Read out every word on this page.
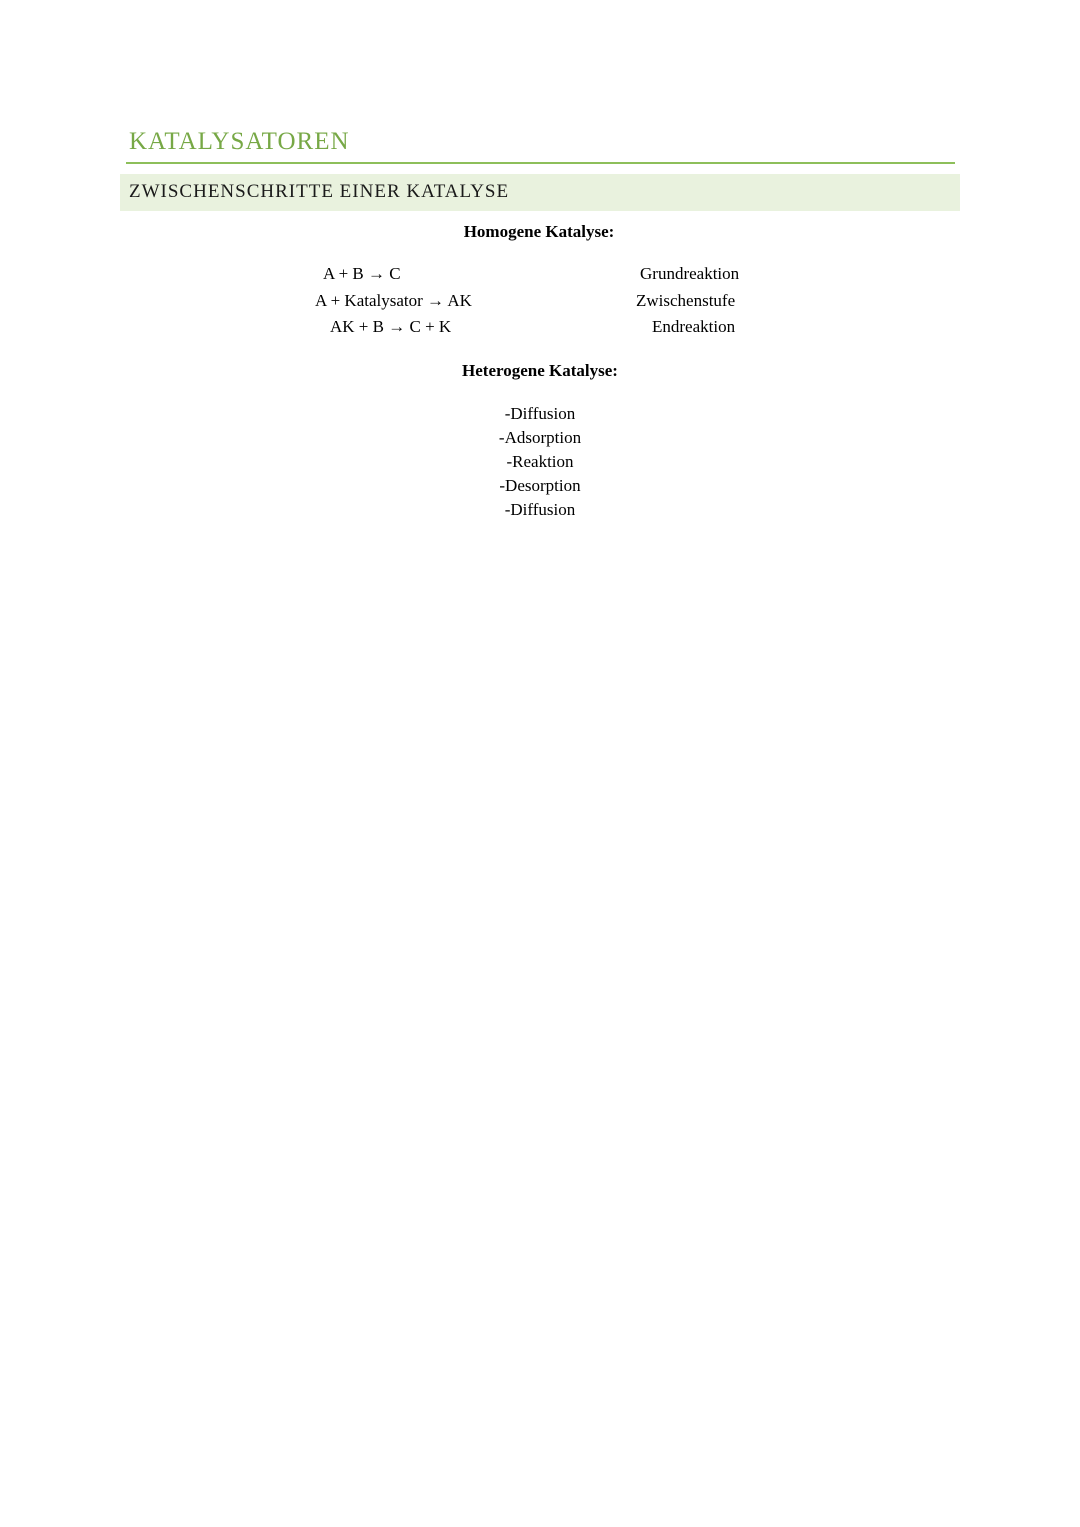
KATALYSATOREN
ZWISCHENSCHRITTE EINER KATALYSE
Homogene Katalyse:
A + B → C
A + Katalysator → AK
AK + B → C + K
Grundreaktion
Zwischenstufe
Endreaktion
Heterogene Katalyse:
-Diffusion
-Adsorption
-Reaktion
-Desorption
-Diffusion
